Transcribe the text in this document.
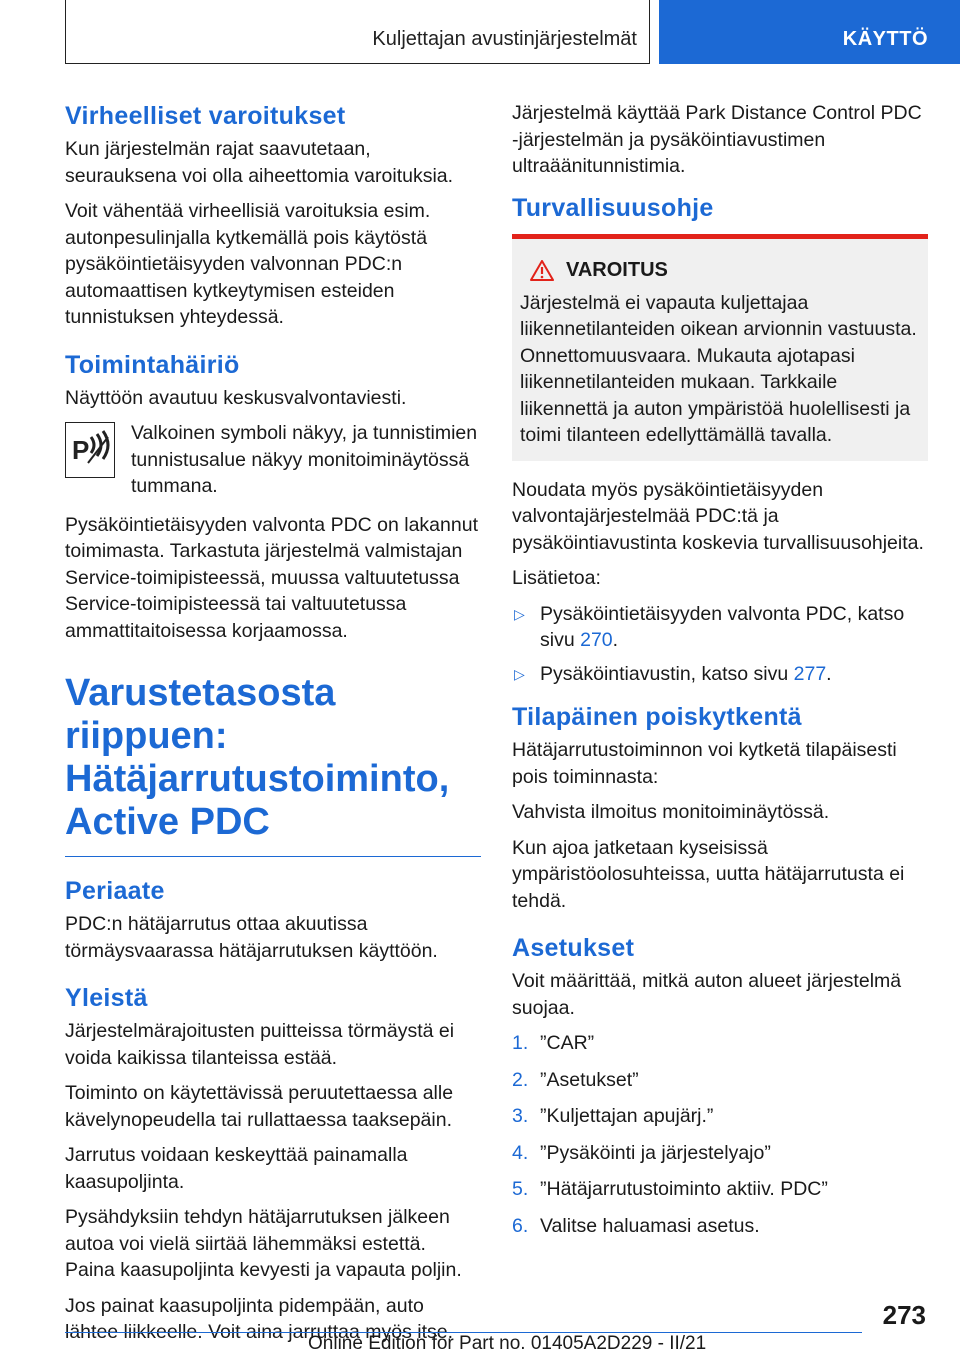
Kuljettajan avustinjärjestelmät	KÄYTTÖ
Virheelliset varoitukset

Kun järjestelmän rajat saavutetaan, seurauksena voi olla aiheettomia varoituksia.

Voit vähentää virheellisiä varoituksia esim. autonpesulinjalla kytkemällä pois käytöstä pysäköintietäisyyden valvonnan PDC:n automaattisen kytkeytymisen esteiden tunnistuksen yhteydessä.

Toimintahäiriö

Näyttöön avautuu keskusvalvontaviesti.

P

Valkoinen symboli näkyy, ja tunnistimien tunnistusalue näkyy monitoiminäytössä tummana.

Pysäköintietäisyyden valvonta PDC on lakannut toimimasta. Tarkastuta järjestelmä valmistajan Service-toimipisteessä, muussa valtuutetussa Service-toimipisteessä tai valtuutetussa ammattitaitoisessa korjaamossa.

Varustetasosta riippuen:
Hätäjarrutustoiminto,
Active PDC
Periaate

PDC:n hätäjarrutus ottaa akuutissa törmäysvaarassa hätäjarrutuksen käyttöön.

Yleistä

Järjestelmärajoitusten puitteissa törmäystä ei voida kaikissa tilanteissa estää.

Toiminto on käytettävissä peruutettaessa alle kävelynopeudella tai rullattaessa taaksepäin.

Jarrutus voidaan keskeyttää painamalla kaasupoljinta.

Pysähdyksiin tehdyn hätäjarrutuksen jälkeen autoa voi vielä siirtää lähemmäksi estettä. Paina kaasupoljinta kevyesti ja vapauta poljin.

Jos painat kaasupoljinta pidempään, auto lähtee liikkeelle. Voit aina jarruttaa myös itse.

Järjestelmä käyttää Park Distance Control PDC -järjestelmän ja pysäköintiavustimen ultraäänitunnistimia.

Turvallisuusohje
VAROITUS

Järjestelmä ei vapauta kuljettajaa liikennetilanteiden oikean arvionnin vastuusta. Onnettomuusvaara. Mukauta ajotapasi liikennetilanteiden mukaan. Tarkkaile liikennettä ja auton ympäristöä huolellisesti ja toimi tilanteen edellyttämällä tavalla.

Noudata myös pysäköintietäisyyden valvontajärjestelmää PDC:tä ja pysäköintiavustinta koskevia turvallisuusohjeita.

Lisätietoa:

▷ Pysäköintietäisyyden valvonta PDC, katso sivu 270.
▷ Pysäköintiavustin, katso sivu 277.
Tilapäinen poiskytkentä

Hätäjarrutustoiminnon voi kytketä tilapäisesti pois toiminnasta:

Vahvista ilmoitus monitoiminäytössä.

Kun ajoa jatketaan kyseisissä ympäristöolosuhteissa, uutta hätäjarrutusta ei tehdä.

Asetukset

Voit määrittää, mitkä auton alueet järjestelmä suojaa.

1. ”CAR”
2. ”Asetukset”
3. ”Kuljettajan apujärj.”
4. ”Pysäköinti ja järjestelyajo”
5. ”Hätäjarrutustoiminto aktiiv. PDC”
6. Valitse haluamasi asetus.
273
Online Edition for Part no. 01405A2D229 - II/21
